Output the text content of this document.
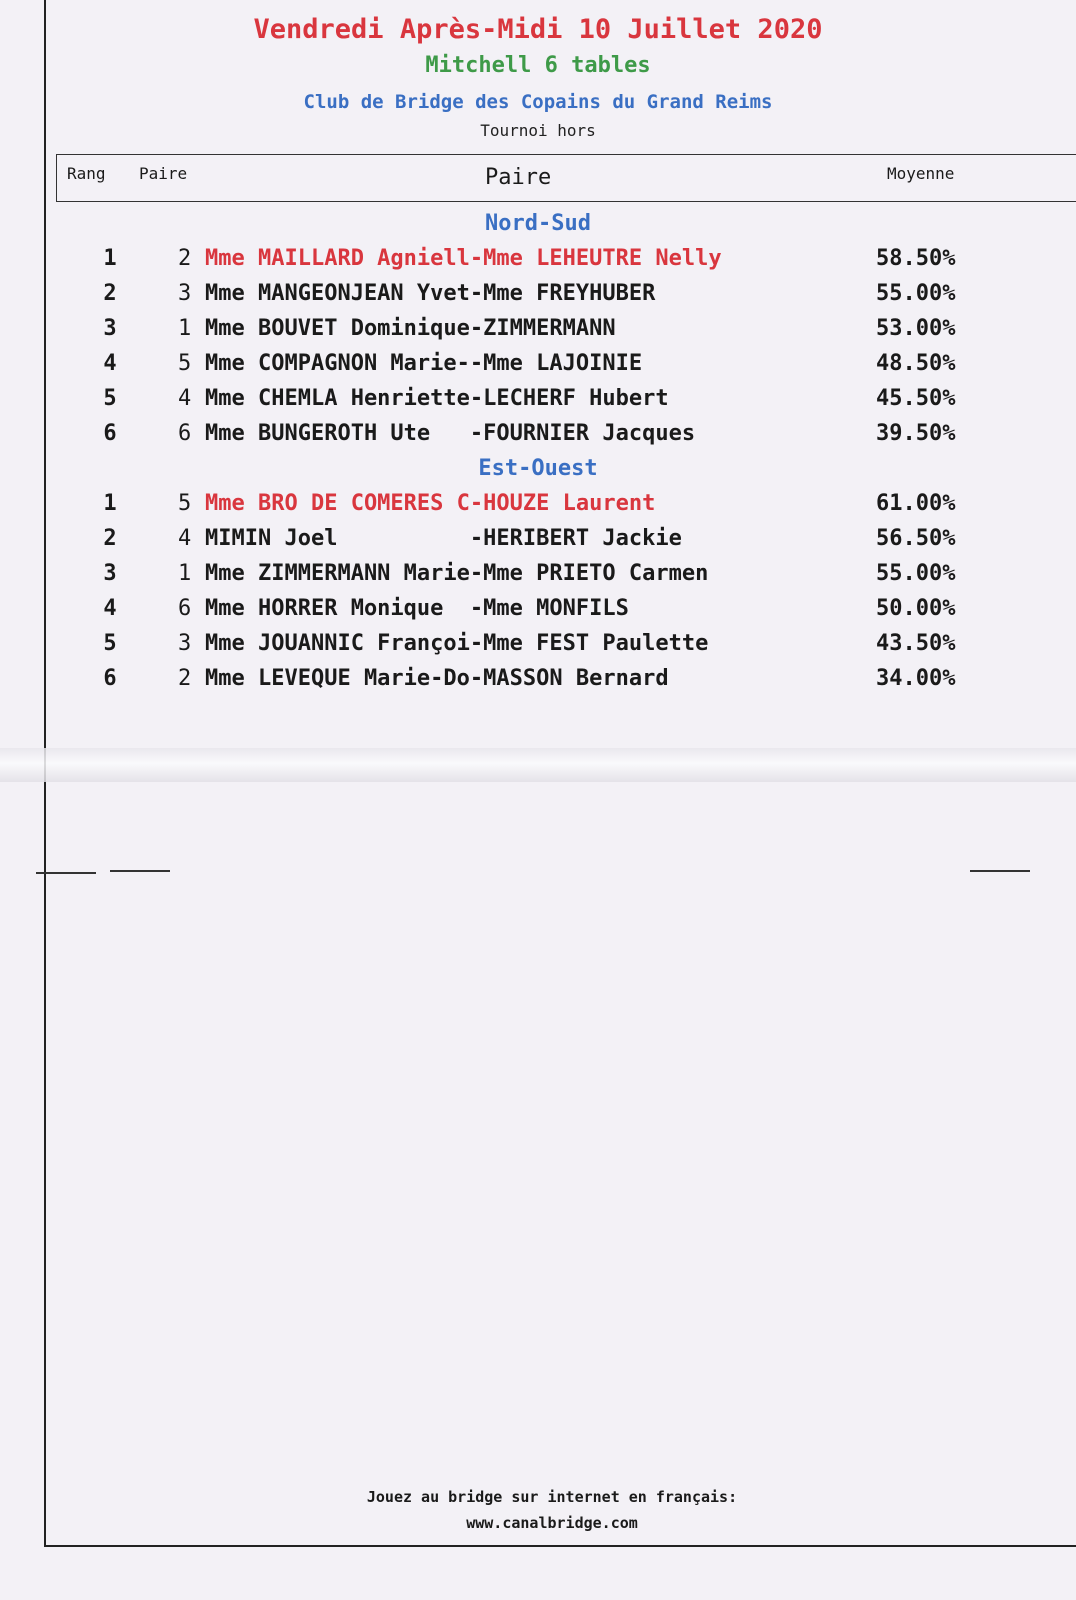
Vendredi Après-Midi 10 Juillet 2020
Mitchell 6 tables
Club de Bridge des Copains du Grand Reims
Tournoi hors
Rang Paire	Paire	Moyenne
Nord-Sud
1	2 Mme MAILLARD Agniell-Mme LEHEUTRE Nelly	58.50%
2	3 Mme MANGEONJEAN Yvet-Mme FREYHUBER	55.00%
3	1 Mme BOUVET Dominique-ZIMMERMANN	53.00%
4	5 Mme COMPAGNON Marie--Mme LAJOINIE	48.50%
5	4 Mme CHEMLA Henriette-LECHERF Hubert	45.50%
6	6 Mme BUNGEROTH Ute   -FOURNIER Jacques	39.50%
Est-Ouest
1	5 Mme BRO DE COMERES C-HOUZE Laurent	61.00%
2	4 MIMIN Joel          -HERIBERT Jackie	56.50%
3	1 Mme ZIMMERMANN Marie-Mme PRIETO Carmen	55.00%
4	6 Mme HORRER Monique  -Mme MONFILS	50.00%
5	3 Mme JOUANNIC Françoi-Mme FEST Paulette	43.50%
6	2 Mme LEVEQUE Marie-Do-MASSON Bernard	34.00%
Jouez au bridge sur internet en français:
www.canalbridge.com
